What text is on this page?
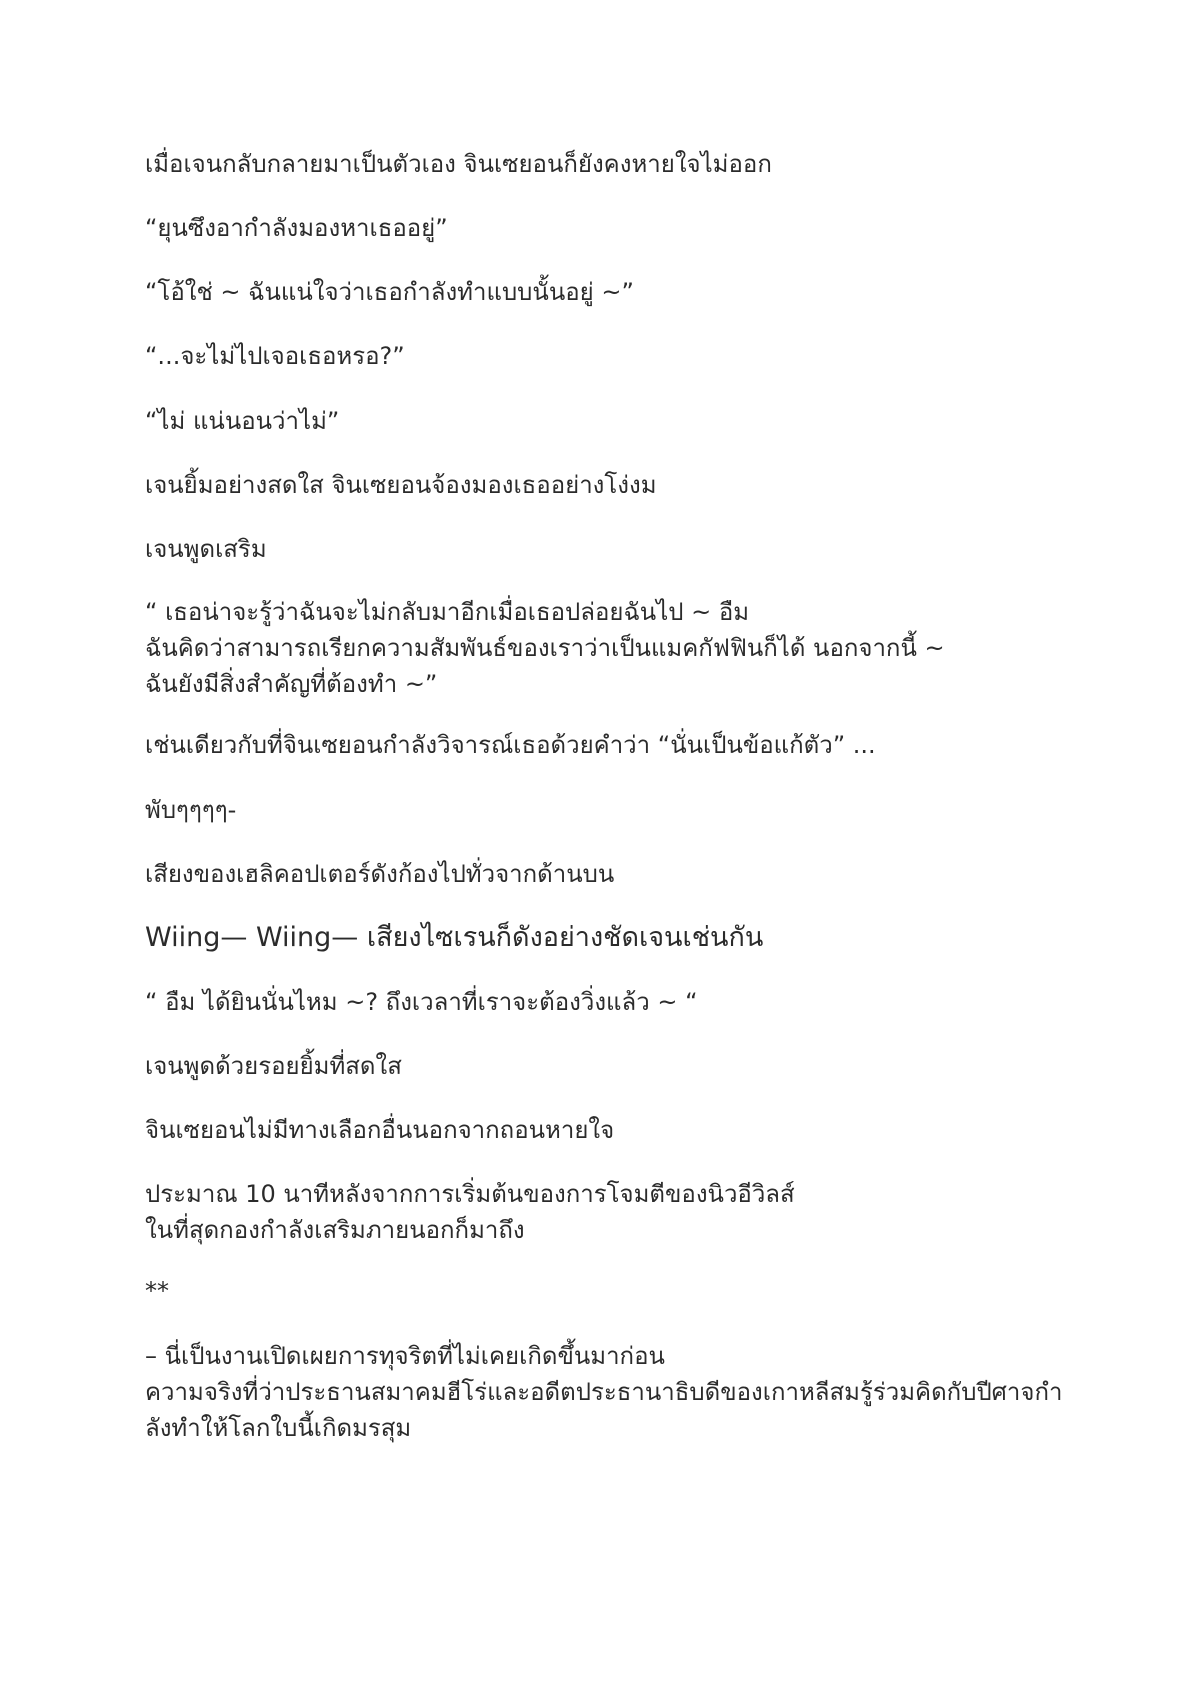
เมื่อเจนกลับกลายมาเป็นตัวเอง จินเซยอนก็ยังคงหายใจไม่ออก

“ยุนซึงอากำลังมองหาเธออยู่”

“โอ้ใช่ ~ ฉันแน่ใจว่าเธอกำลังทำแบบนั้นอยู่ ~”

“...จะไม่ไปเจอเธอหรอ?”

“ไม่ แน่นอนว่าไม่”

เจนยิ้มอย่างสดใส จินเซยอนจ้องมองเธออย่างโง่งม

เจนพูดเสริม

“ เธอน่าจะรู้ว่าฉันจะไม่กลับมาอีกเมื่อเธอปล่อยฉันไป ~ อืม
ฉันคิดว่าสามารถเรียกความสัมพันธ์ของเราว่าเป็นแมคกัฟฟินก็ได้ นอกจากนี้ ~
ฉันยังมีสิ่งสำคัญที่ต้องทำ ~”

เช่นเดียวกับที่จินเซยอนกำลังวิจารณ์เธอด้วยคำว่า “นั่นเป็นข้อแก้ตัว” ...

พับๆๆๆๆ-

เสียงของเฮลิคอปเตอร์ดังก้องไปทั่วจากด้านบน

Wiing— Wiing— เสียงไซเรนก็ดังอย่างชัดเจนเช่นกัน

“ อืม ได้ยินนั่นไหม ~? ถึงเวลาที่เราจะต้องวิ่งแล้ว ~ “

เจนพูดด้วยรอยยิ้มที่สดใส

จินเซยอนไม่มีทางเลือกอื่นนอกจากถอนหายใจ

ประมาณ 10 นาทีหลังจากการเริ่มต้นของการโจมตีของนิวอีวิลส์
ในที่สุดกองกำลังเสริมภายนอกก็มาถึง

**

– นี่เป็นงานเปิดเผยการทุจริตที่ไม่เคยเกิดขึ้นมาก่อน
ความจริงที่ว่าประธานสมาคมฮีโร่และอดีตประธานาธิบดีของเกาหลีสมรู้ร่วมคิดกับปีศาจกำ
ลังทำให้โลกใบนี้เกิดมรสุม
